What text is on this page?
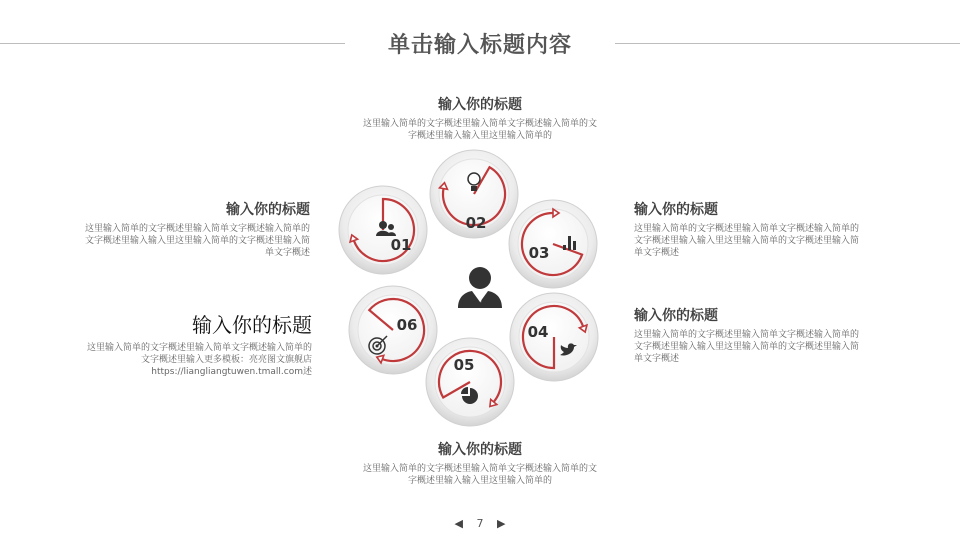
单击输入标题内容
输入你的标题

这里输入简单的文字概述里输入简单文字概述输入简单的文字概述里输入输入里这里输入简单的

输入你的标题

这里输入简单的文字概述里输入简单文字概述输入简单的文字概述里输入输入里这里输入简单的文字概述里输入简单文字概述

输入你的标题

这里输入简单的文字概述里输入简单文字概述输入简单的文字概述里输入输入里这里输入简单的文字概述里输入简单文字概述

输入你的标题

这里输入简单的文字概述里输入简单文字概述输入简单的文字概述里输入更多模板：亮亮图文旗舰店https://liangliangtuwen.tmall.com述

输入你的标题

这里输入简单的文字概述里输入简单文字概述输入简单的文字概述里输入输入里这里输入简单的文字概述里输入简单文字概述

输入你的标题

这里输入简单的文字概述里输入简单文字概述输入简单的文字概述里输入输入里这里输入简单的

01
02
03
04
05
06
◀ 7 ▶
